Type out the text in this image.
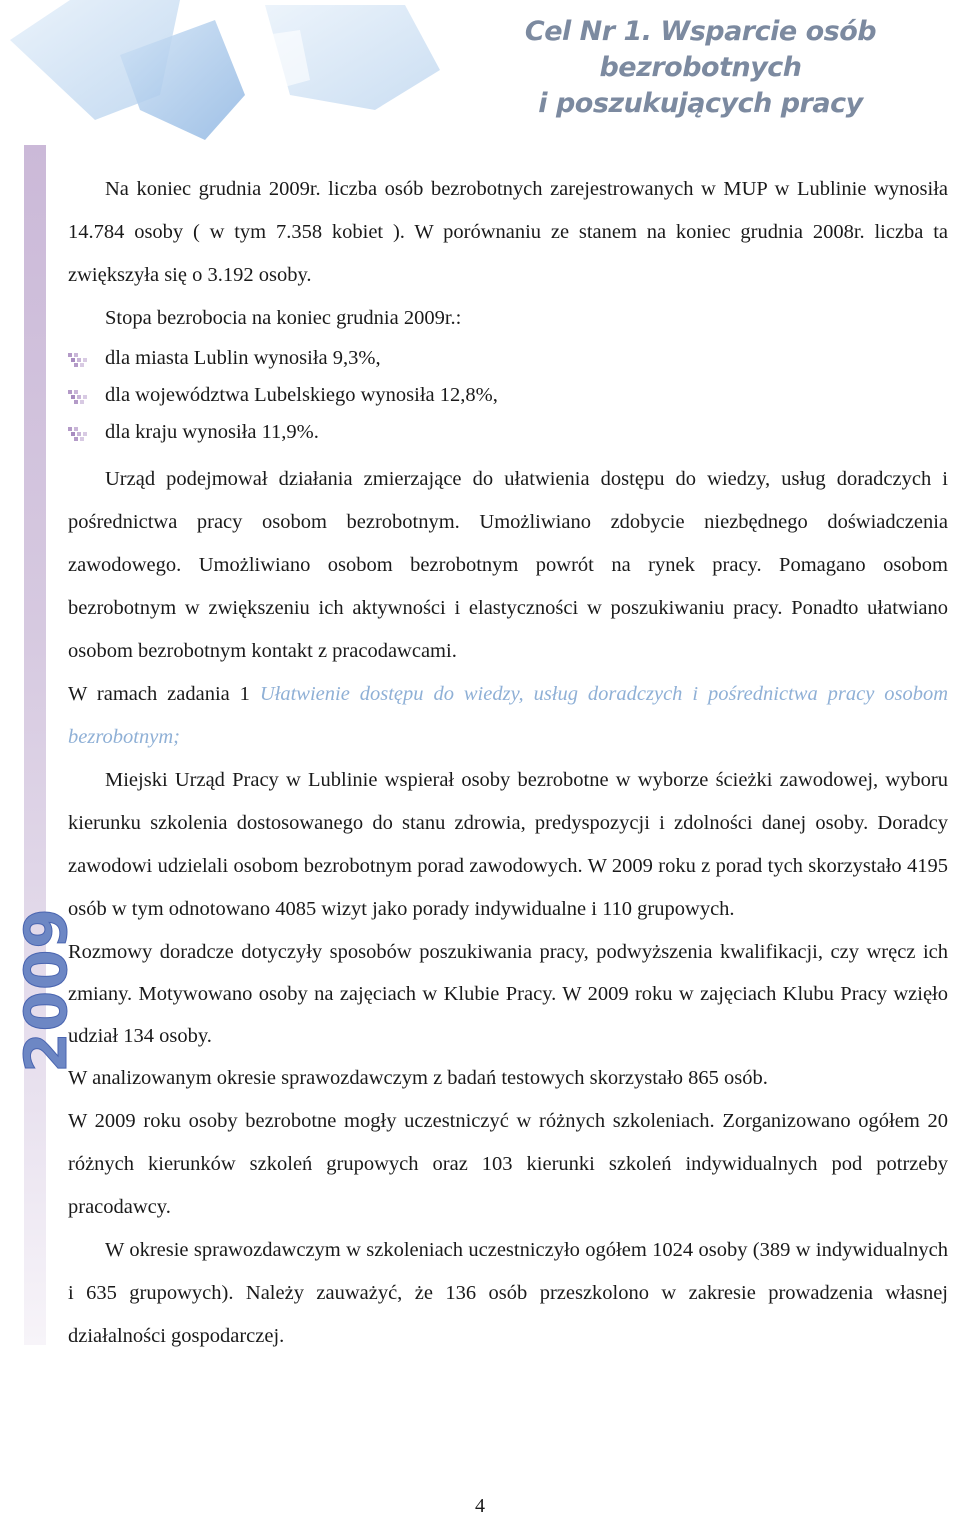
Cel Nr 1. Wsparcie osób bezrobotnych
i poszukujących pracy
2009

Na koniec grudnia 2009r. liczba osób bezrobotnych zarejestrowanych w MUP w Lublinie wynosiła 14.784 osoby ( w tym 7.358 kobiet ). W porównaniu ze stanem na koniec grudnia 2008r. liczba ta zwiększyła się o 3.192 osoby.

Stopa bezrobocia na koniec grudnia 2009r.:

dla miasta Lublin wynosiła 9,3%,
dla województwa Lubelskiego wynosiła 12,8%,
dla kraju wynosiła 11,9%.

Urząd podejmował działania zmierzające do ułatwienia dostępu do wiedzy, usług doradczych i pośrednictwa pracy osobom bezrobotnym. Umożliwiano zdobycie niezbędnego doświadczenia zawodowego. Umożliwiano osobom bezrobotnym powrót na rynek pracy. Pomagano osobom bezrobotnym w zwiększeniu ich aktywności i elastyczności w poszukiwaniu pracy. Ponadto ułatwiano osobom bezrobotnym kontakt z pracodawcami.

W ramach zadania 1 Ułatwienie dostępu do wiedzy, usług doradczych i pośrednictwa pracy osobom bezrobotnym;

Miejski Urząd Pracy w Lublinie wspierał osoby bezrobotne w wyborze ścieżki zawodowej, wyboru kierunku szkolenia dostosowanego do stanu zdrowia, predyspozycji i zdolności danej osoby. Doradcy zawodowi udzielali osobom bezrobotnym porad zawodowych. W 2009 roku z porad tych skorzystało 4195 osób w tym odnotowano 4085 wizyt jako porady indywidualne i 110 grupowych.

Rozmowy doradcze dotyczyły sposobów poszukiwania pracy, podwyższenia kwalifikacji, czy wręcz ich zmiany. Motywowano osoby na zajęciach w Klubie Pracy. W 2009 roku w zajęciach Klubu Pracy wzięło udział 134 osoby.

W analizowanym okresie sprawozdawczym z badań testowych skorzystało 865 osób.

W 2009 roku osoby bezrobotne mogły uczestniczyć w różnych szkoleniach. Zorganizowano ogółem 20 różnych kierunków szkoleń grupowych oraz 103 kierunki szkoleń indywidualnych pod potrzeby pracodawcy.

W okresie sprawozdawczym w szkoleniach uczestniczyło ogółem 1024 osoby (389 w indywidualnych i 635 grupowych). Należy zauważyć, że 136 osób przeszkolono w zakresie prowadzenia własnej działalności gospodarczej.

4
